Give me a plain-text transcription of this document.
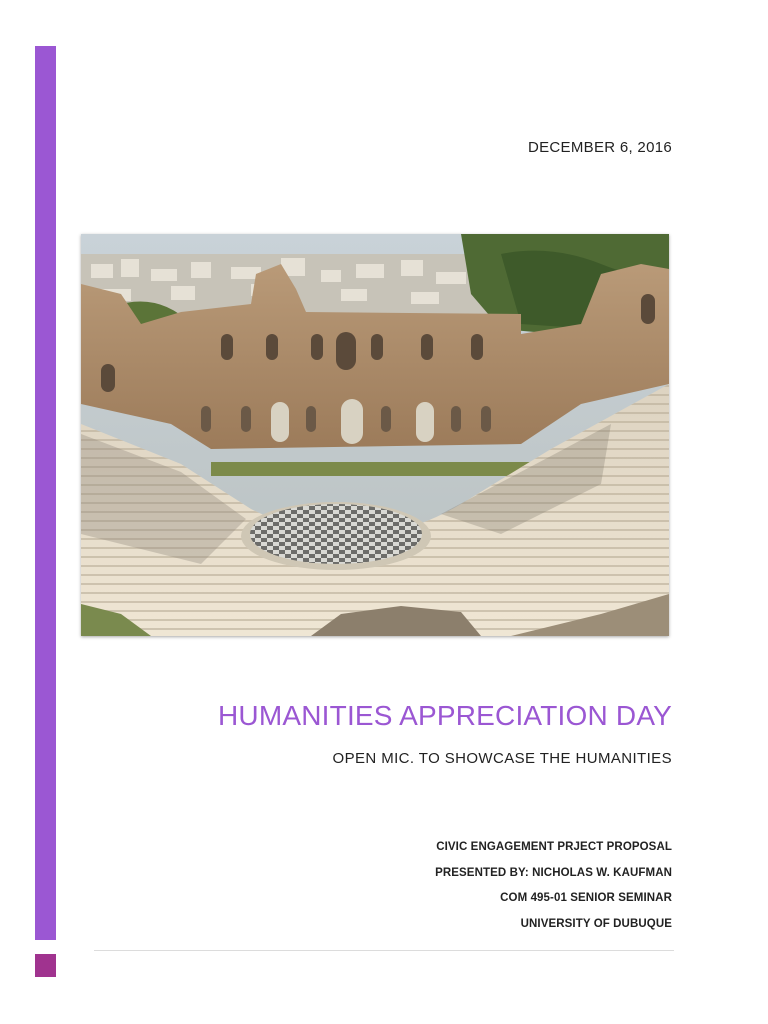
DECEMBER 6, 2016
HUMANITIES APPRECIATION DAY
OPEN MIC. TO SHOWCASE THE HUMANITIES
CIVIC ENGAGEMENT PRJECT PROPOSAL
PRESENTED BY: NICHOLAS W. KAUFMAN
COM 495-01 SENIOR SEMINAR
UNIVERSITY OF DUBUQUE
